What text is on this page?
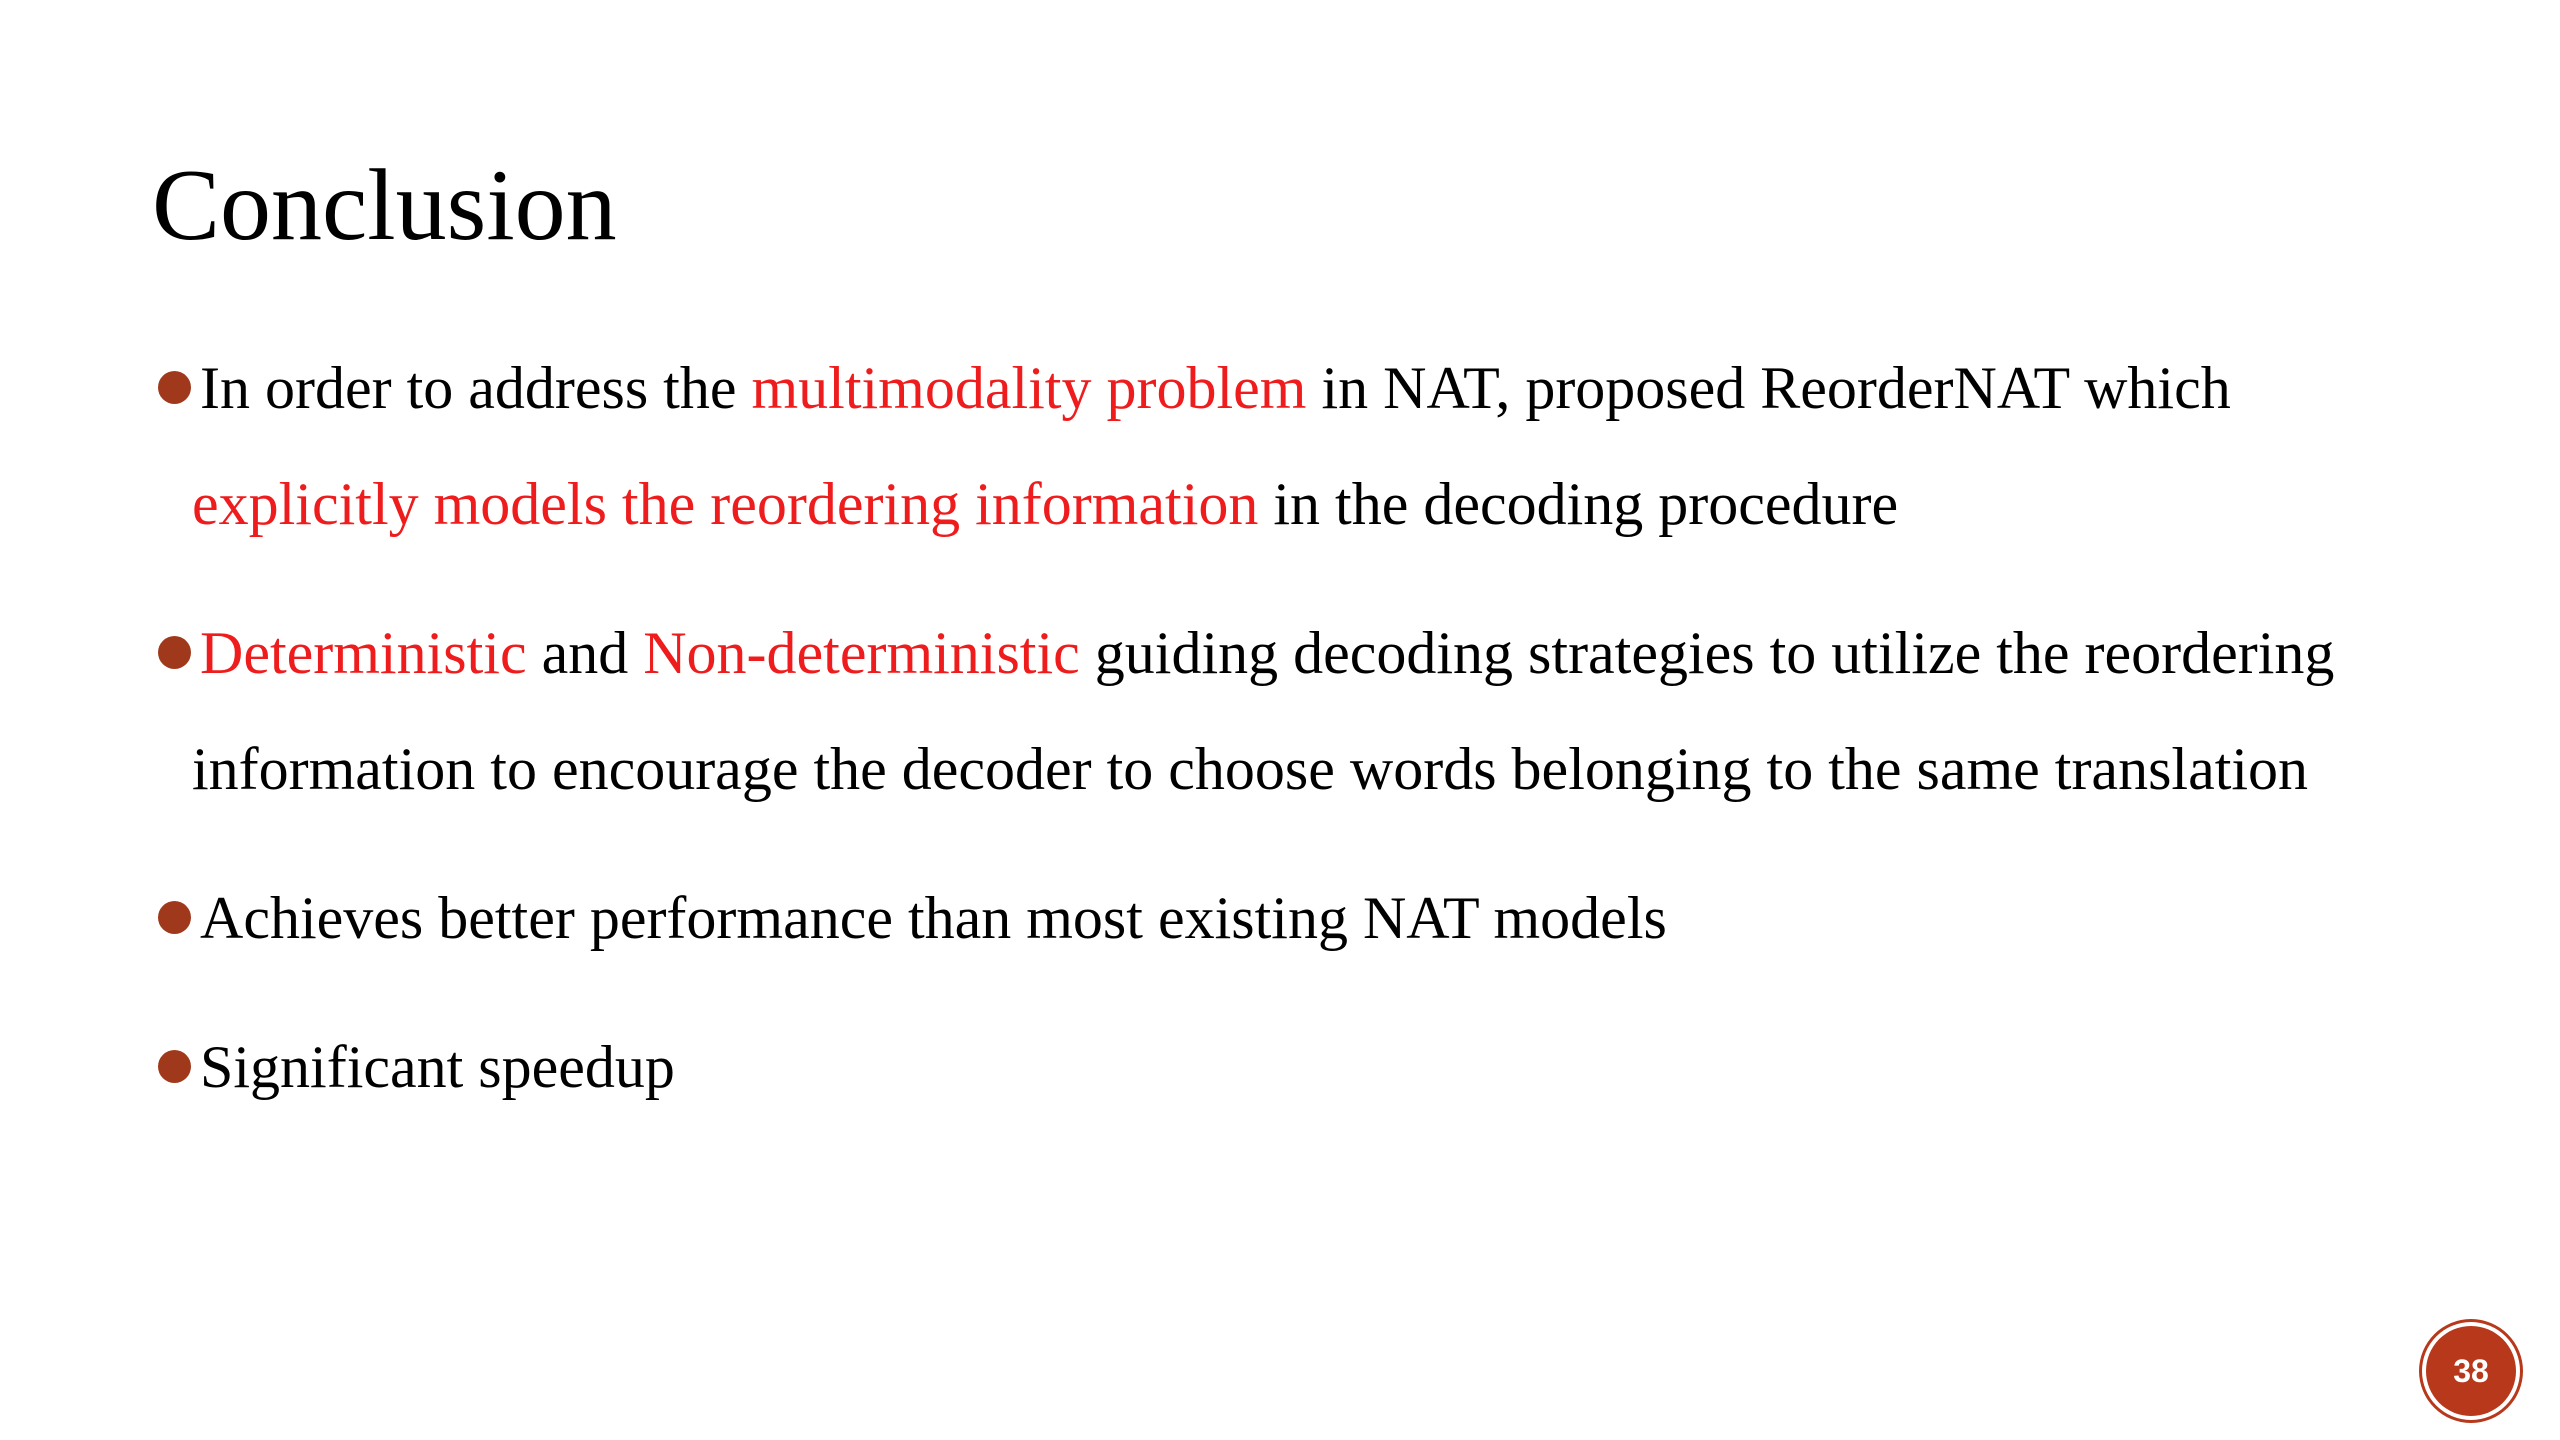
Conclusion
In order to address the multimodality problem in NAT, proposed ReorderNAT which explicitly models the reordering information in the decoding procedure
Deterministic and Non-deterministic guiding decoding strategies to utilize the reordering information to encourage the decoder to choose words belonging to the same translation
Achieves better performance than most existing NAT models
Significant speedup
38
